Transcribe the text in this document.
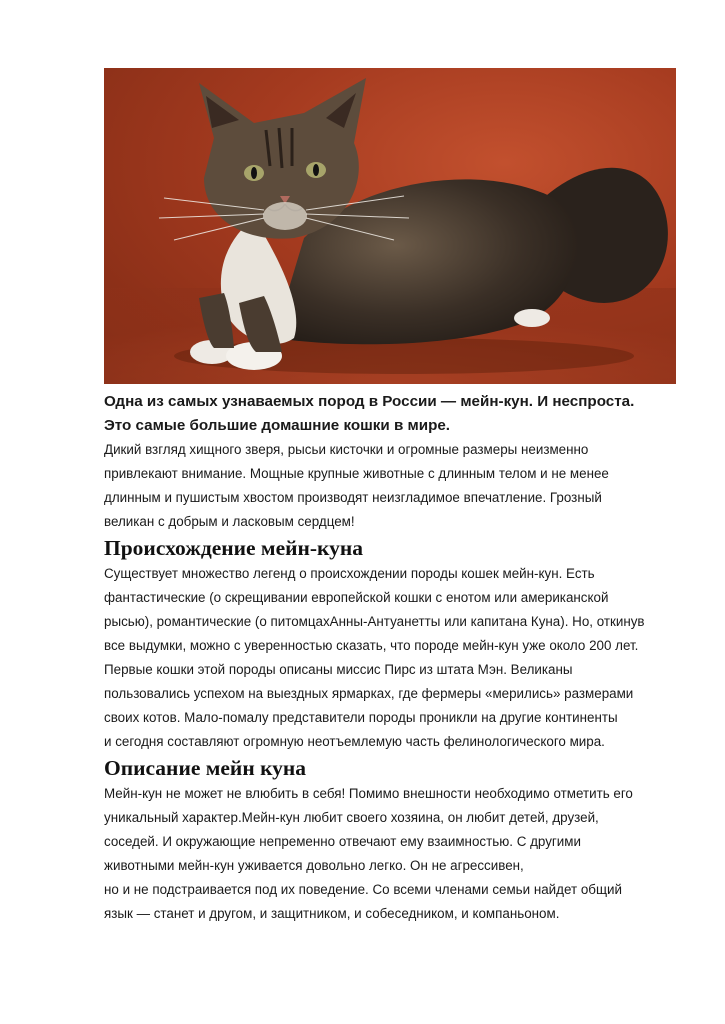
Одна из самых узнаваемых пород в России — мейн-кун. И неспроста.
Это самые большие домашние кошки в мире.

Дикий взгляд хищного зверя, рысьи кисточки и огромные размеры неизменно
привлекают внимание. Мощные крупные животные с длинным телом и не менее
длинным и пушистым хвостом производят неизгладимое впечатление. Грозный
великан с добрым и ласковым сердцем!

Происхождение мейн-куна

Существует множество легенд о происхождении породы кошек мейн-кун. Есть
фантастические (о скрещивании европейской кошки с енотом или американской
рысью), романтические (о питомцахАнны-Антуанетты или капитана Куна). Но, откинув
все выдумки, можно с уверенностью сказать, что породе мейн-кун уже около 200 лет.
Первые кошки этой породы описаны миссис Пирс из штата Мэн. Великаны
пользовались успехом на выездных ярмарках, где фермеры «мерились» размерами
своих котов. Мало-помалу представители породы проникли на другие континенты
и сегодня составляют огромную неотъемлемую часть фелинологического мира.

Описание мейн куна

Мейн-кун не может не влюбить в себя! Помимо внешности необходимо отметить его
уникальный характер.Мейн-кун любит своего хозяина, он любит детей, друзей,
соседей. И окружающие непременно отвечают ему взаимностью. С другими
животными мейн-кун уживается довольно легко. Он не агрессивен,
но и не подстраивается под их поведение. Со всеми членами семьи найдет общий
язык — станет и другом, и защитником, и собеседником, и компаньоном.
